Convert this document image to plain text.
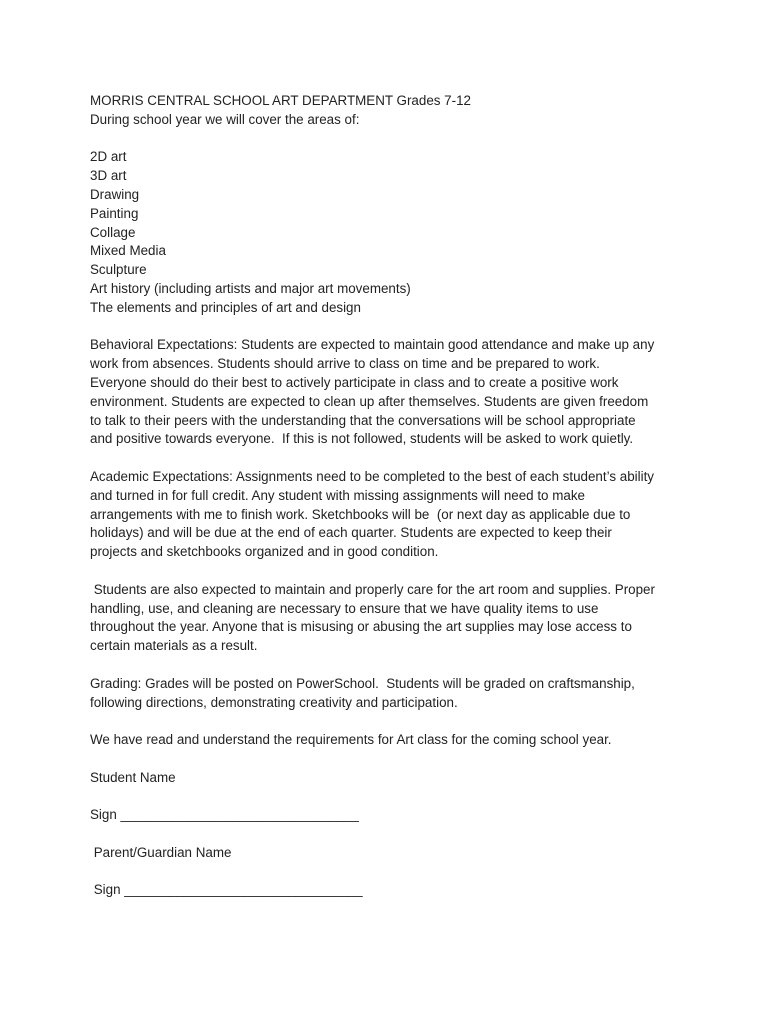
MORRIS CENTRAL SCHOOL ART DEPARTMENT Grades 7-12
During school year we will cover the areas of:
2D art
3D art
Drawing
Painting
Collage
Mixed Media
Sculpture
Art history (including artists and major art movements)
The elements and principles of art and design
Behavioral Expectations: Students are expected to maintain good attendance and make up any
work from absences. Students should arrive to class on time and be prepared to work.
Everyone should do their best to actively participate in class and to create a positive work
environment. Students are expected to clean up after themselves. Students are given freedom
to talk to their peers with the understanding that the conversations will be school appropriate
and positive towards everyone.  If this is not followed, students will be asked to work quietly.
Academic Expectations: Assignments need to be completed to the best of each student’s ability
and turned in for full credit. Any student with missing assignments will need to make
arrangements with me to finish work. Sketchbooks will be  (or next day as applicable due to
holidays) and will be due at the end of each quarter. Students are expected to keep their
projects and sketchbooks organized and in good condition.
Students are also expected to maintain and properly care for the art room and supplies. Proper
handling, use, and cleaning are necessary to ensure that we have quality items to use
throughout the year. Anyone that is misusing or abusing the art supplies may lose access to
certain materials as a result.
Grading: Grades will be posted on PowerSchool.  Students will be graded on craftsmanship,
following directions, demonstrating creativity and participation.
We have read and understand the requirements for Art class for the coming school year.
Student Name
Sign ________________________________
Parent/Guardian Name
Sign ________________________________
